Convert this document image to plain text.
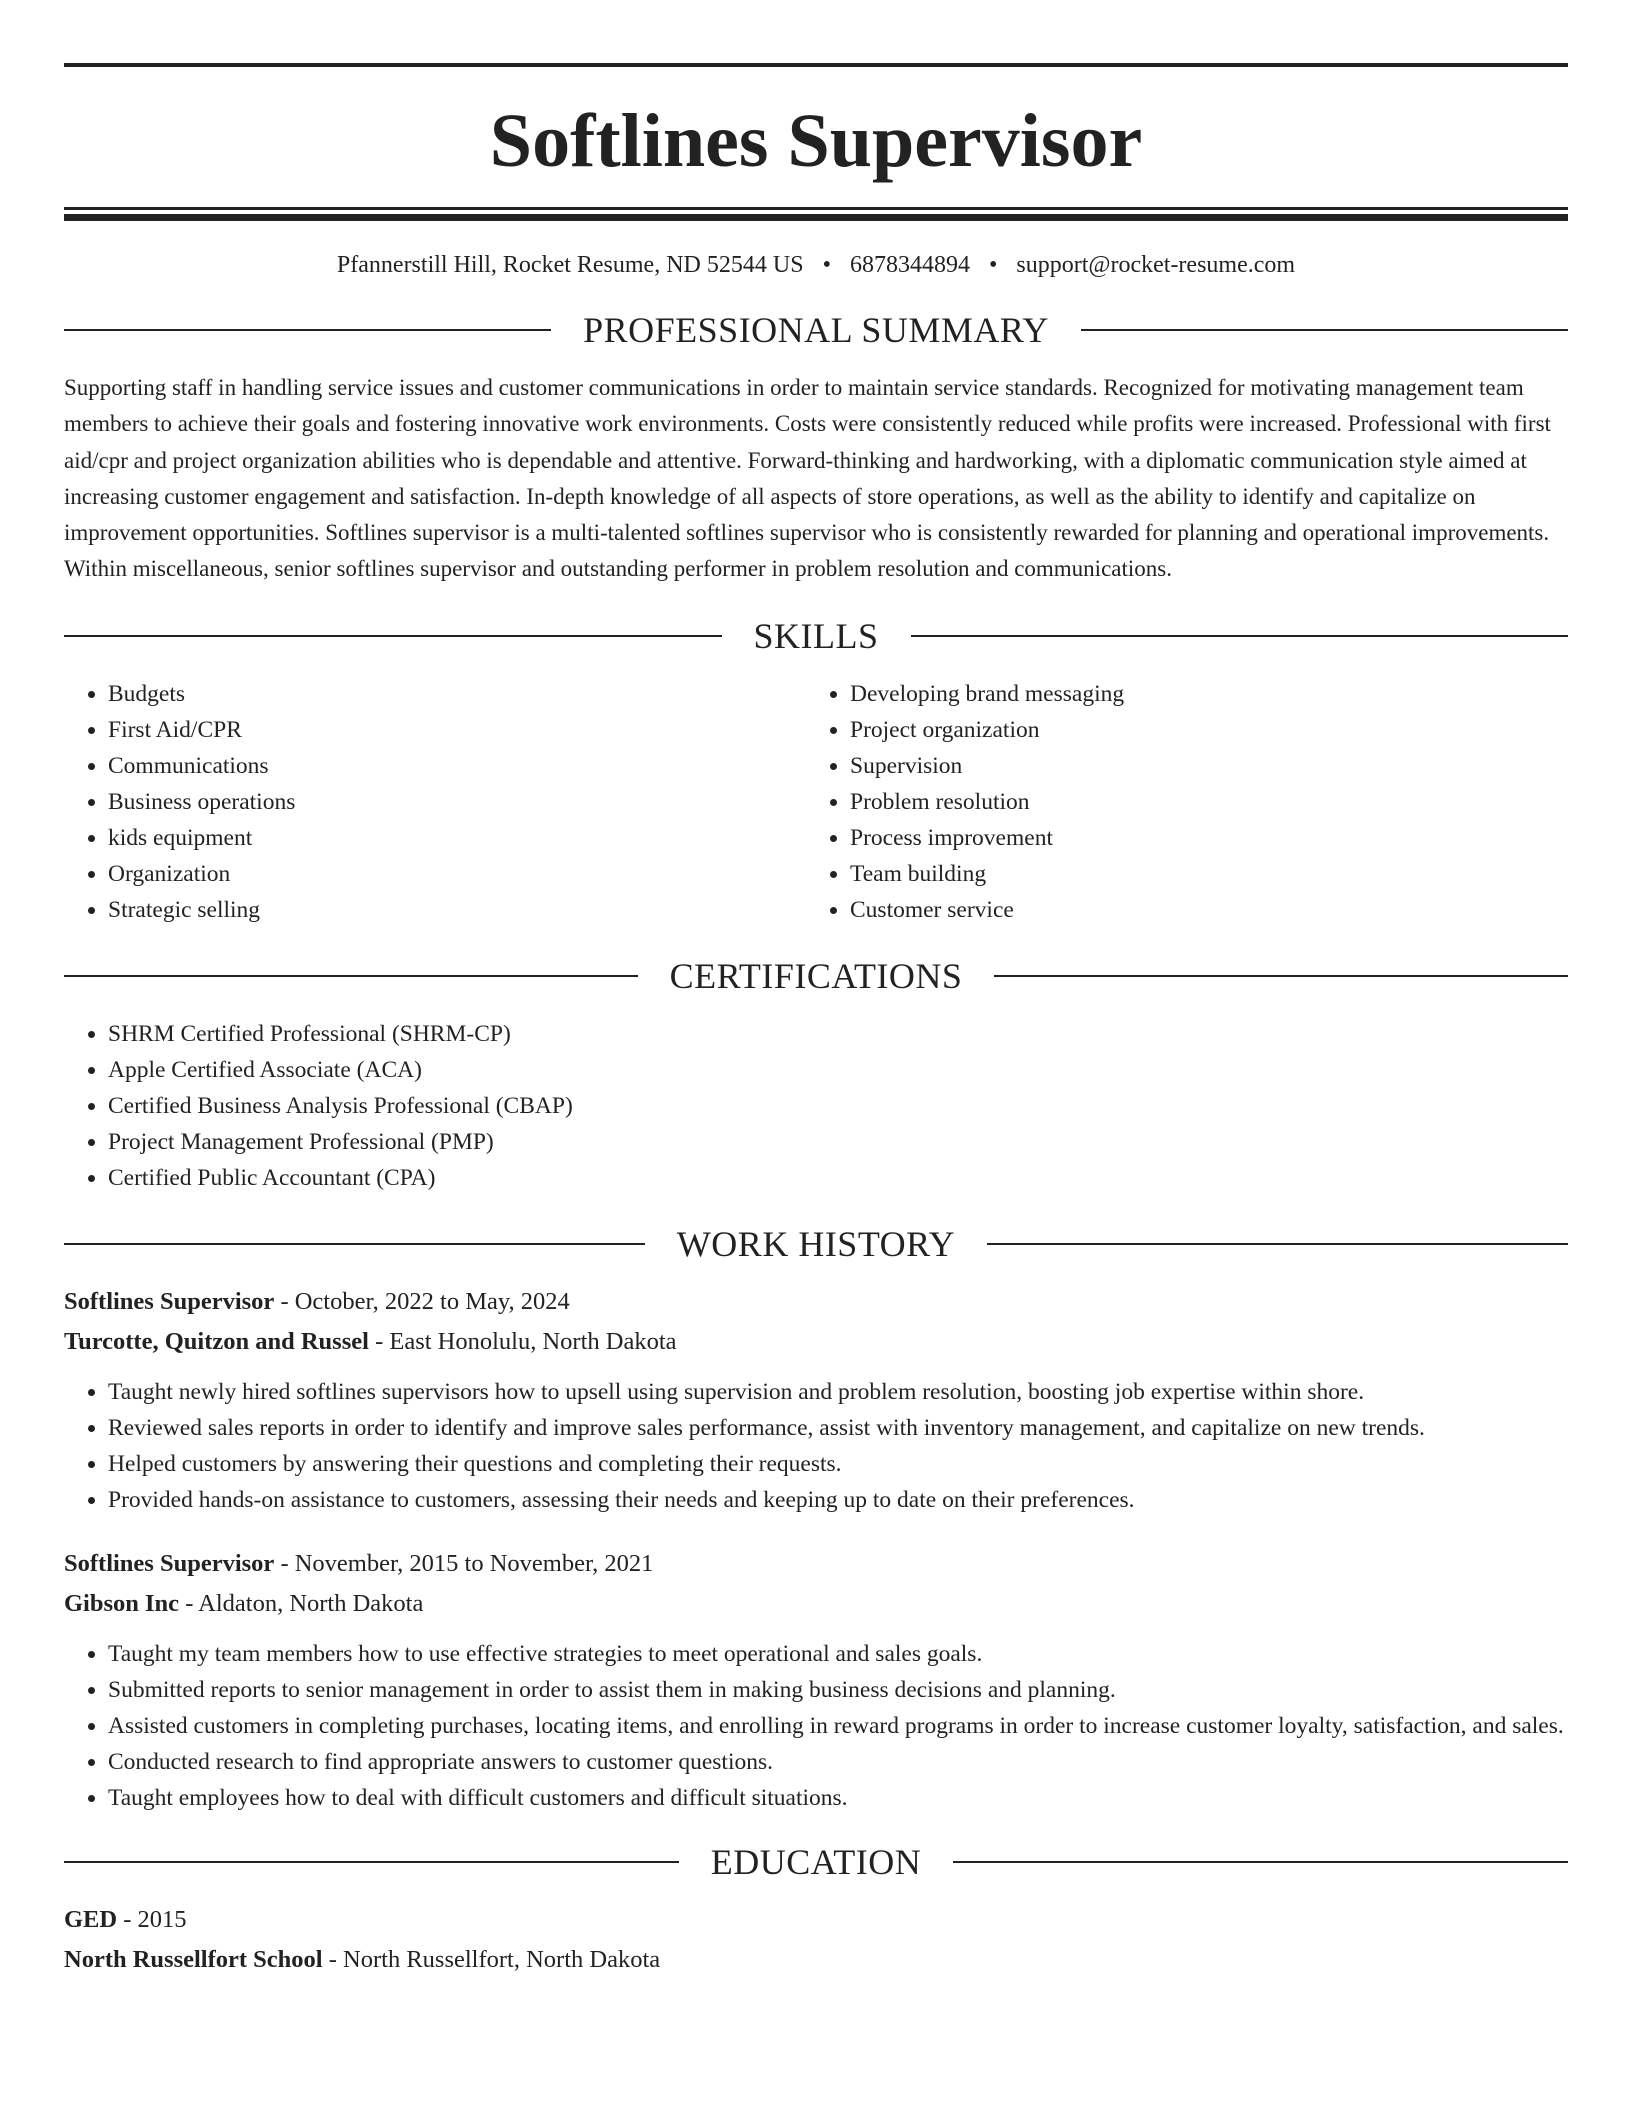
Softlines Supervisor
Pfannerstill Hill, Rocket Resume, ND 52544 US • 6878344894 • support@rocket-resume.com
PROFESSIONAL SUMMARY
Supporting staff in handling service issues and customer communications in order to maintain service standards. Recognized for motivating management team members to achieve their goals and fostering innovative work environments. Costs were consistently reduced while profits were increased. Professional with first aid/cpr and project organization abilities who is dependable and attentive. Forward-thinking and hardworking, with a diplomatic communication style aimed at increasing customer engagement and satisfaction. In-depth knowledge of all aspects of store operations, as well as the ability to identify and capitalize on improvement opportunities. Softlines supervisor is a multi-talented softlines supervisor who is consistently rewarded for planning and operational improvements. Within miscellaneous, senior softlines supervisor and outstanding performer in problem resolution and communications.
SKILLS
• Budgets
• First Aid/CPR
• Communications
• Business operations
• kids equipment
• Organization
• Strategic selling
• Developing brand messaging
• Project organization
• Supervision
• Problem resolution
• Process improvement
• Team building
• Customer service
CERTIFICATIONS
• SHRM Certified Professional (SHRM-CP)
• Apple Certified Associate (ACA)
• Certified Business Analysis Professional (CBAP)
• Project Management Professional (PMP)
• Certified Public Accountant (CPA)
WORK HISTORY
Softlines Supervisor - October, 2022 to May, 2024
Turcotte, Quitzon and Russel - East Honolulu, North Dakota
• Taught newly hired softlines supervisors how to upsell using supervision and problem resolution, boosting job expertise within shore.
• Reviewed sales reports in order to identify and improve sales performance, assist with inventory management, and capitalize on new trends.
• Helped customers by answering their questions and completing their requests.
• Provided hands-on assistance to customers, assessing their needs and keeping up to date on their preferences.
Softlines Supervisor - November, 2015 to November, 2021
Gibson Inc - Aldaton, North Dakota
• Taught my team members how to use effective strategies to meet operational and sales goals.
• Submitted reports to senior management in order to assist them in making business decisions and planning.
• Assisted customers in completing purchases, locating items, and enrolling in reward programs in order to increase customer loyalty, satisfaction, and sales.
• Conducted research to find appropriate answers to customer questions.
• Taught employees how to deal with difficult customers and difficult situations.
EDUCATION
GED - 2015
North Russellfort School - North Russellfort, North Dakota
